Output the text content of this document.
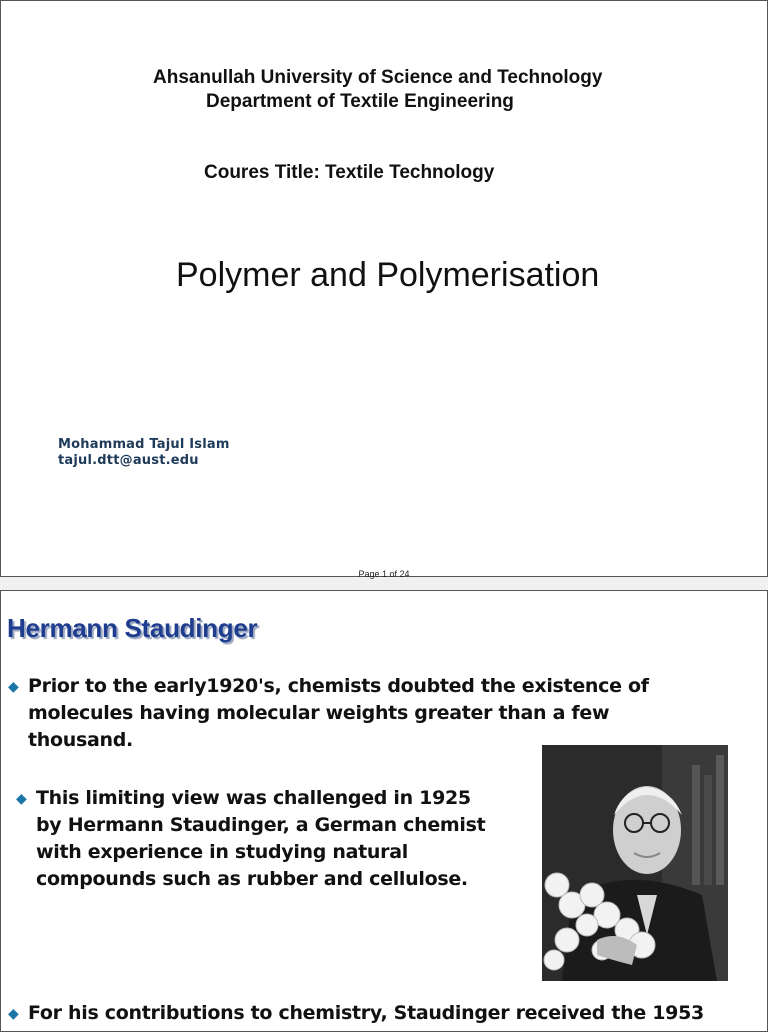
Ahsanullah University of Science and Technology
Department of Textile Engineering
Coures Title: Textile Technology
Polymer and Polymerisation
Mohammad Tajul Islam
tajul.dtt@aust.edu
Page 1 of 24
Hermann Staudinger
◆ Prior to the early1920's, chemists doubted the existence of
molecules having molecular weights greater than a few
thousand.
◆ This limiting view was challenged in 1925
by Hermann Staudinger, a German chemist
with experience in studying natural
compounds such as rubber and cellulose.
◆ For his contributions to chemistry, Staudinger received the 1953
